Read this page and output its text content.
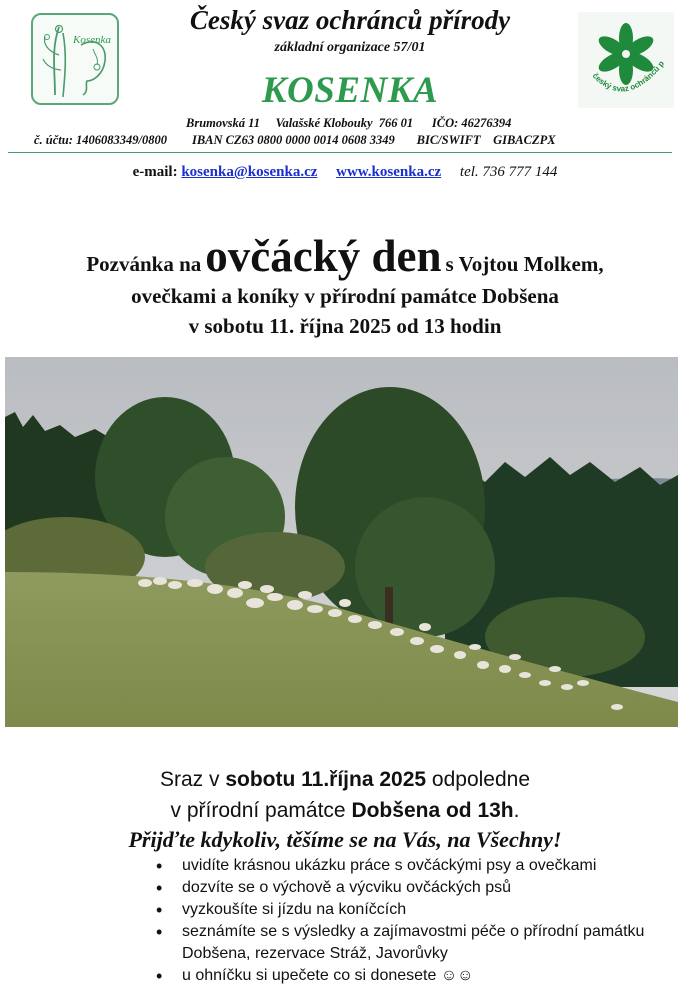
Kosenka
Český svaz ochránců přírody
základní organizace 57/01
KOSENKA	český svaz ochránců p
Brumovská 11     Valašské Klobouky  766 01      IČO: 46276394
č. účtu: 1406083349/0800        IBAN CZ63 0800 0000 0014 0608 3349       BIC/SWIFT    GIBACZPX
e-mail: kosenka@kosenka.cz www.kosenka.cz tel. 736 777 144
Pozvánka na ovčácký den s Vojtou Molkem,
ovečkami a koníky v přírodní památce Dobšena
v sobotu 11. října 2025 od 13 hodin
Sraz v sobotu 11.října 2025 odpoledne
v přírodní památce Dobšena od 13h.
Přijďte kdykoliv, těšíme se na Vás, na Všechny!
• uvidíte krásnou ukázku práce s ovčáckými psy a ovečkami
• dozvíte se o výchově a výcviku ovčáckých psů
• vyzkoušíte si jízdu na koníčcích
• seznámíte se s výsledky a zajímavostmi péče o přírodní památku Dobšena, rezervace Stráž, Javorůvky
• u ohníčku si upečete co si donesete ☺☺
